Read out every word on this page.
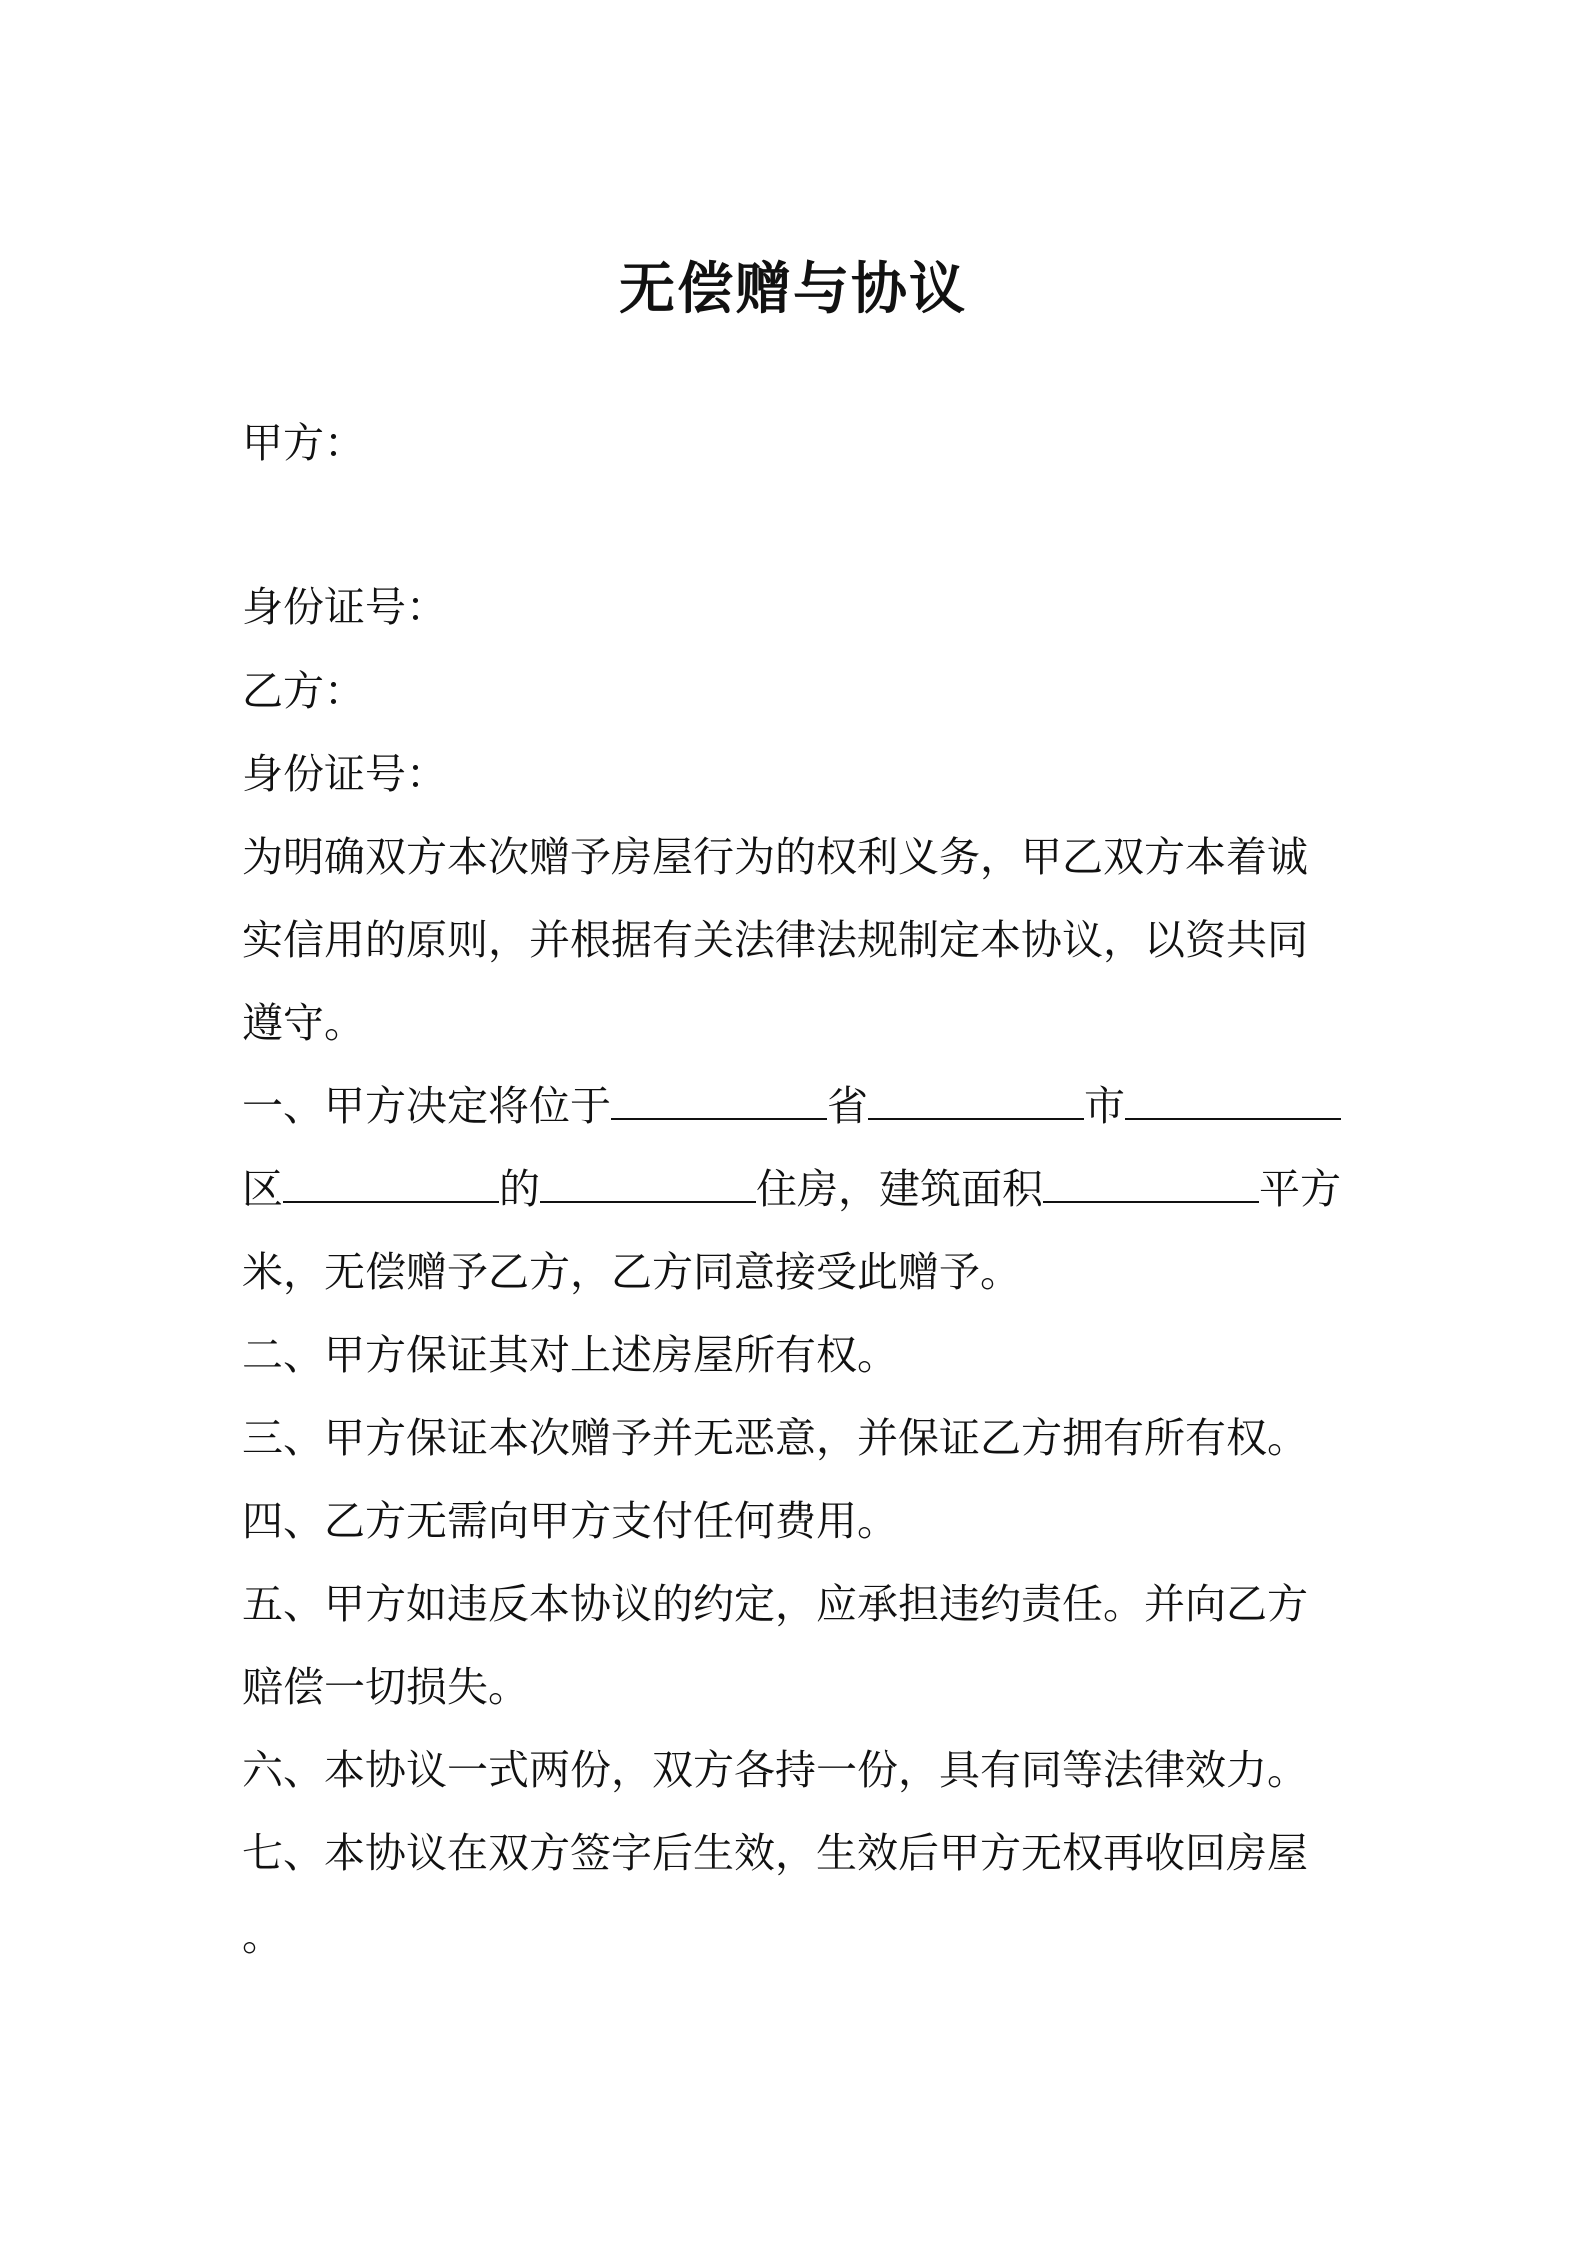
无偿赠与协议
甲方：
身份证号：
乙方：
身份证号：
为明确双方本次赠予房屋行为的权利义务，甲乙双方本着诚
实信用的原则，并根据有关法律法规制定本协议，以资共同
遵守。
一、甲方决定将位于	省	市
区	的	住房，建筑面积	平方
米，无偿赠予乙方，乙方同意接受此赠予。
二、甲方保证其对上述房屋所有权。
三、甲方保证本次赠予并无恶意，并保证乙方拥有所有权。
四、乙方无需向甲方支付任何费用。
五、甲方如违反本协议的约定，应承担违约责任。并向乙方
赔偿一切损失。
六、本协议一式两份，双方各持一份，具有同等法律效力。
七、本协议在双方签字后生效，生效后甲方无权再收回房屋
。
